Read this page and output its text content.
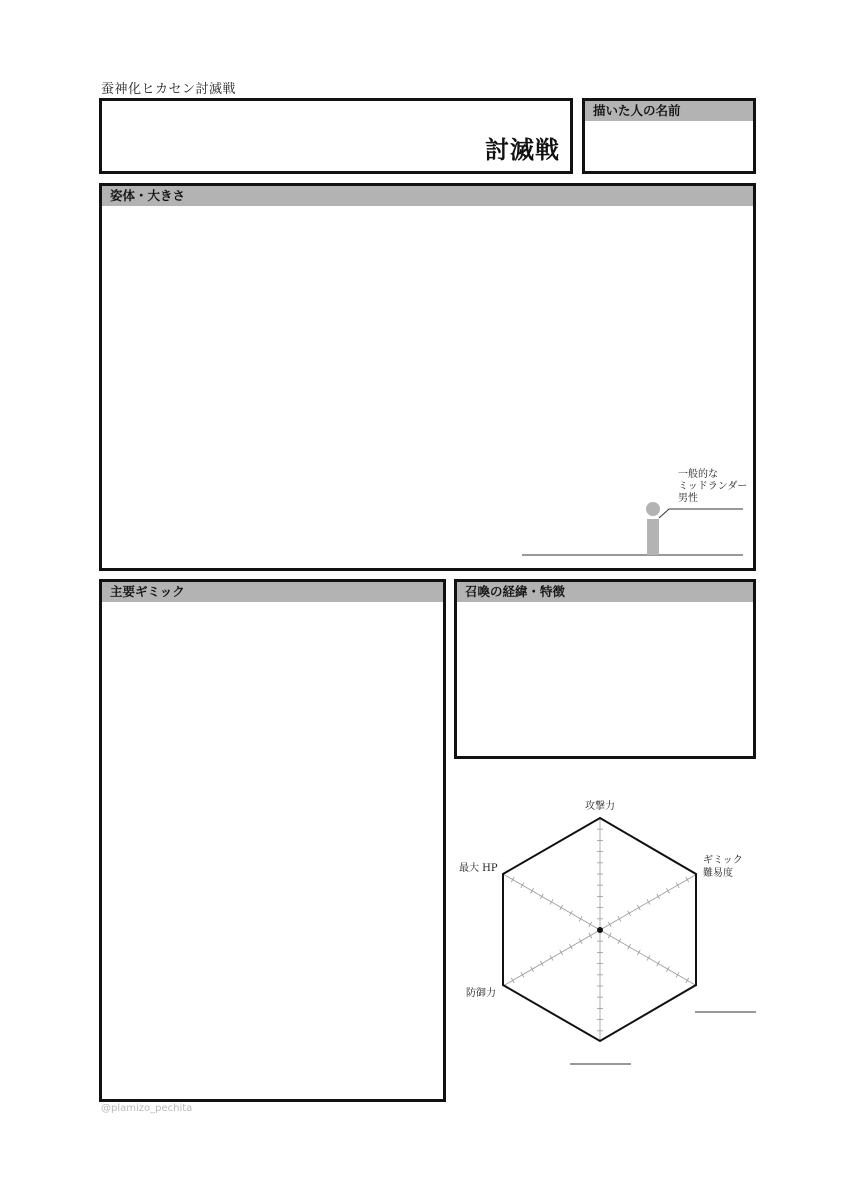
蚕神化ヒカセン討滅戦
討滅戦
描いた人の名前
姿体・大きさ
一般的な
ミッドランダー
男性
主要ギミック	召喚の経緯・特徴
攻撃力
ギミック
難易度
最大 HP
防御力
@plamizo_pechita
